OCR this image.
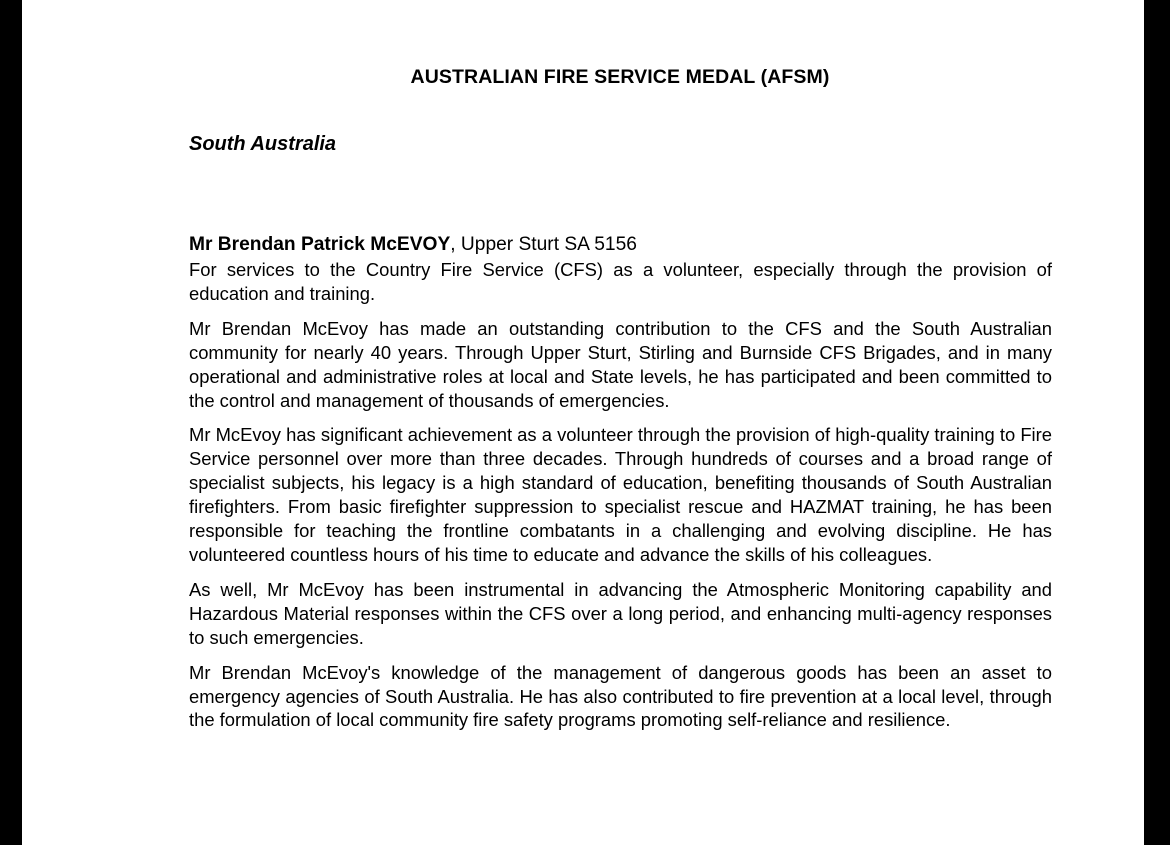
AUSTRALIAN FIRE SERVICE MEDAL (AFSM)
South Australia
Mr Brendan Patrick McEVOY, Upper Sturt SA 5156

For services to the Country Fire Service (CFS) as a volunteer, especially through the provision of education and training.

Mr Brendan McEvoy has made an outstanding contribution to the CFS and the South Australian community for nearly 40 years. Through Upper Sturt, Stirling and Burnside CFS Brigades, and in many operational and administrative roles at local and State levels, he has participated and been committed to the control and management of thousands of emergencies.

Mr McEvoy has significant achievement as a volunteer through the provision of high-quality training to Fire Service personnel over more than three decades. Through hundreds of courses and a broad range of specialist subjects, his legacy is a high standard of education, benefiting thousands of South Australian firefighters. From basic firefighter suppression to specialist rescue and HAZMAT training, he has been responsible for teaching the frontline combatants in a challenging and evolving discipline. He has volunteered countless hours of his time to educate and advance the skills of his colleagues.

As well, Mr McEvoy has been instrumental in advancing the Atmospheric Monitoring capability and Hazardous Material responses within the CFS over a long period, and enhancing multi-agency responses to such emergencies.

Mr Brendan McEvoy's knowledge of the management of dangerous goods has been an asset to emergency agencies of South Australia. He has also contributed to fire prevention at a local level, through the formulation of local community fire safety programs promoting self-reliance and resilience.
